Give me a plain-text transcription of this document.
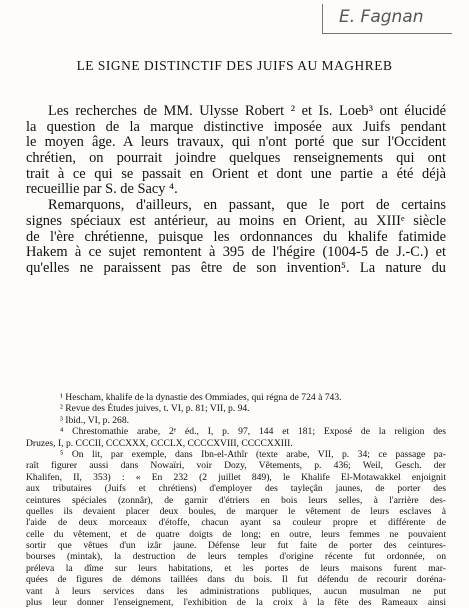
E. Fagnan
LE SIGNE DISTINCTIF DES JUIFS AU MAGHREB
Les recherches de MM. Ulysse Robert ² et Is. Loeb³ ont élucidé
la question de la marque distinctive imposée aux Juifs pendant
le moyen âge. A leurs travaux, qui n'ont porté que sur l'Occident
chrétien, on pourrait joindre quelques renseignements qui ont
trait à ce qui se passait en Orient et dont une partie a été déjà
recueillie par S. de Sacy ⁴.
Remarquons, d'ailleurs, en passant, que le port de certains
signes spéciaux est antérieur, au moins en Orient, au XIIIᵉ siècle
de l'ère chrétienne, puisque les ordonnances du khalife fatimide
Hakem à ce sujet remontent à 395 de l'hégire (1004-5 de J.-C.) et
qu'elles ne paraissent pas être de son invention⁵. La nature du
¹ Hescham, khalife de la dynastie des Ommiades, qui régna de 724 à 743.
² Revue des Études juives, t. VI, p. 81; VII, p. 94.
³ Ibid., VI, p. 268.
⁴ Chrestomathie arabe, 2ᵉ éd., I, p. 97, 144 et 181; Exposé de la religion des
Druzes, I, p. CCCII, CCCXXX, CCCLX, CCCCXVIII, CCCCXXIII.
⁵ On lit, par exemple, dans Ibn-el-Athîr (texte arabe, VII, p. 34; ce passage pa-
raît figurer aussi dans Nowaïri, voir Dozy, Vêtements, p. 436; Weil, Gesch. der
Khalifen, II, 353) : « En 232 (2 juillet 849), le Khalife El-Motawakkel enjoignit
aux tributaires (Juifs et chrétiens) d'employer des tayleçân jaunes, de porter des
ceintures spéciales (zonnâr), de garnir d'étriers en bois leurs selles, à l'arrière des-
quelles ils devaient placer deux boules, de marquer le vêtement de leurs esclaves à
l'aide de deux morceaux d'étoffe, chacun ayant sa couleur propre et différente de
celle du vêtement, et de quatre doigts de long; en outre, leurs femmes ne pouvaient
sortir que vêtues d'un izâr jaune. Défense leur fut faite de porter des ceintures-
bourses (mintak), la destruction de leurs temples d'origine récente fut ordonnée, on
préleva la dîme sur leurs habitations, et les portes de leurs maisons furent mar-
quées de figures de démons taillées dans du bois. Il fut défendu de recourir doréna-
vant à leurs services dans les administrations publiques, aucun musulman ne put
plus leur donner l'enseignement, l'exhibition de la croix à la fête des Rameaux ainsi
